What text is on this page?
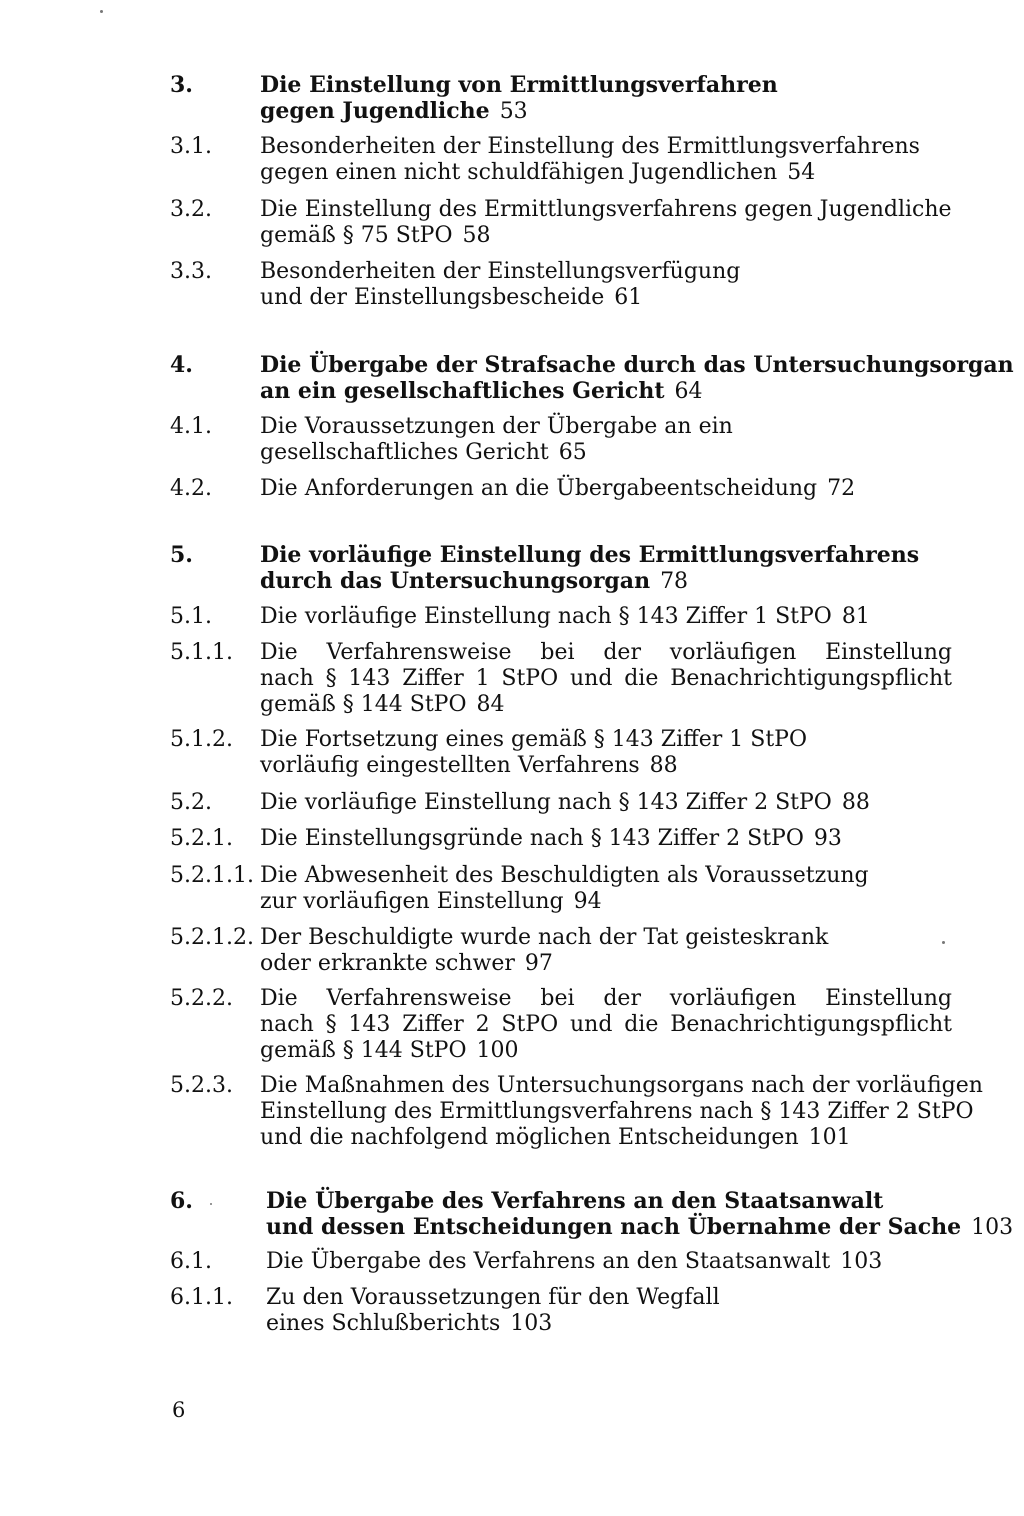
3.	Die Einstellung von Ermittlungsverfahren
gegen Jugendliche 53
3.1. Besonderheiten der Einstellung des Ermittlungsverfahrens
gegen einen nicht schuldfähigen Jugendlichen 54
3.2. Die Einstellung des Ermittlungsverfahrens gegen Jugendliche
gemäß § 75 StPO 58
3.3. Besonderheiten der Einstellungsverfügung
und der Einstellungsbescheide 61
4.	Die Übergabe der Strafsache durch das Untersuchungsorgan
an ein gesellschaftliches Gericht 64
4.1. Die Voraussetzungen der Übergabe an ein
gesellschaftliches Gericht 65
4.2. Die Anforderungen an die Übergabeentscheidung 72
5.	Die vorläufige Einstellung des Ermittlungsverfahrens
durch das Untersuchungsorgan 78
5.1. Die vorläufige Einstellung nach § 143 Ziffer 1 StPO 81
5.1.1. Die Verfahrensweise bei der vorläufigen Einstellung
nach § 143 Ziffer 1 StPO und die Benachrichtigungspflicht
gemäß § 144 StPO 84
5.1.2. Die Fortsetzung eines gemäß § 143 Ziffer 1 StPO
vorläufig eingestellten Verfahrens 88
5.2. Die vorläufige Einstellung nach § 143 Ziffer 2 StPO 88
5.2.1. Die Einstellungsgründe nach § 143 Ziffer 2 StPO 93
5.2.1.1. Die Abwesenheit des Beschuldigten als Voraussetzung
zur vorläufigen Einstellung 94
5.2.1.2. Der Beschuldigte wurde nach der Tat geisteskrank
oder erkrankte schwer 97
5.2.2. Die Verfahrensweise bei der vorläufigen Einstellung
nach § 143 Ziffer 2 StPO und die Benachrichtigungspflicht
gemäß § 144 StPO 100
5.2.3. Die Maßnahmen des Untersuchungsorgans nach der vorläufigen
Einstellung des Ermittlungsverfahrens nach § 143 Ziffer 2 StPO
und die nachfolgend möglichen Entscheidungen 101
6.	Die Übergabe des Verfahrens an den Staatsanwalt
und dessen Entscheidungen nach Übernahme der Sache 103
6.1. Die Übergabe des Verfahrens an den Staatsanwalt 103
6.1.1. Zu den Voraussetzungen für den Wegfall
eines Schlußberichts 103
6
